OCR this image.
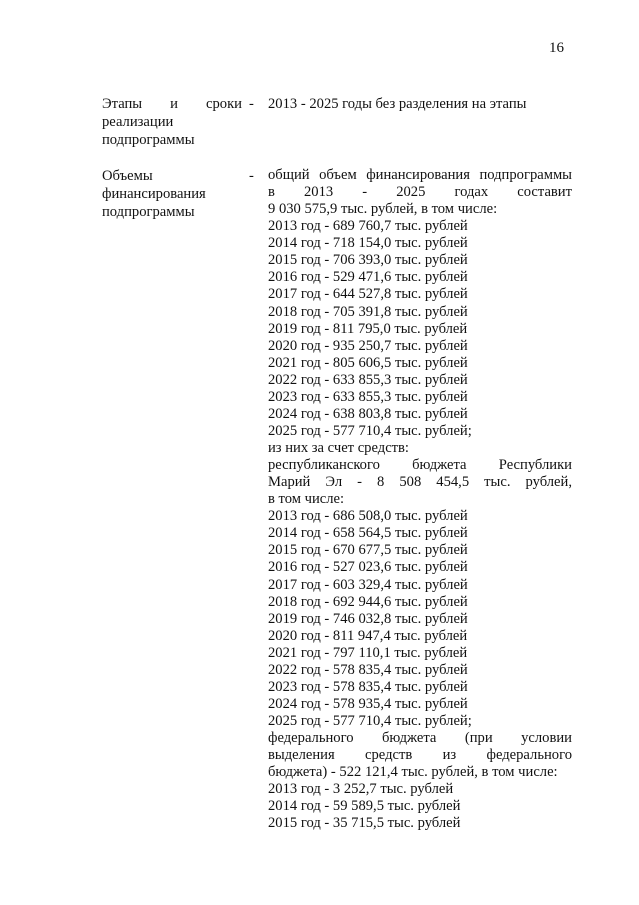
16
Этапы и сроки
реализации
подпрограммы
- 2013 - 2025 годы без разделения на этапы
Объемы
финансирования
подпрограммы
- общий объем финансирования подпрограммы
в 2013 - 2025 годах составит
9 030 575,9 тыс. рублей, в том числе:
2013 год - 689 760,7 тыс. рублей
2014 год - 718 154,0 тыс. рублей
2015 год - 706 393,0 тыс. рублей
2016 год - 529 471,6 тыс. рублей
2017 год - 644 527,8 тыс. рублей
2018 год - 705 391,8 тыс. рублей
2019 год - 811 795,0 тыс. рублей
2020 год - 935 250,7 тыс. рублей
2021 год - 805 606,5 тыс. рублей
2022 год - 633 855,3 тыс. рублей
2023 год - 633 855,3 тыс. рублей
2024 год - 638 803,8 тыс. рублей
2025 год - 577 710,4 тыс. рублей;
из них за счет средств:
республиканского бюджета Республики
Марий Эл - 8 508 454,5 тыс. рублей,
в том числе:
2013 год - 686 508,0 тыс. рублей
2014 год - 658 564,5 тыс. рублей
2015 год - 670 677,5 тыс. рублей
2016 год - 527 023,6 тыс. рублей
2017 год - 603 329,4 тыс. рублей
2018 год - 692 944,6 тыс. рублей
2019 год - 746 032,8 тыс. рублей
2020 год - 811 947,4 тыс. рублей
2021 год - 797 110,1 тыс. рублей
2022 год - 578 835,4 тыс. рублей
2023 год - 578 835,4 тыс. рублей
2024 год - 578 935,4 тыс. рублей
2025 год - 577 710,4 тыс. рублей;
федерального бюджета (при условии
выделения средств из федерального
бюджета) - 522 121,4 тыс. рублей, в том числе:
2013 год - 3 252,7 тыс. рублей
2014 год - 59 589,5 тыс. рублей
2015 год - 35 715,5 тыс. рублей
